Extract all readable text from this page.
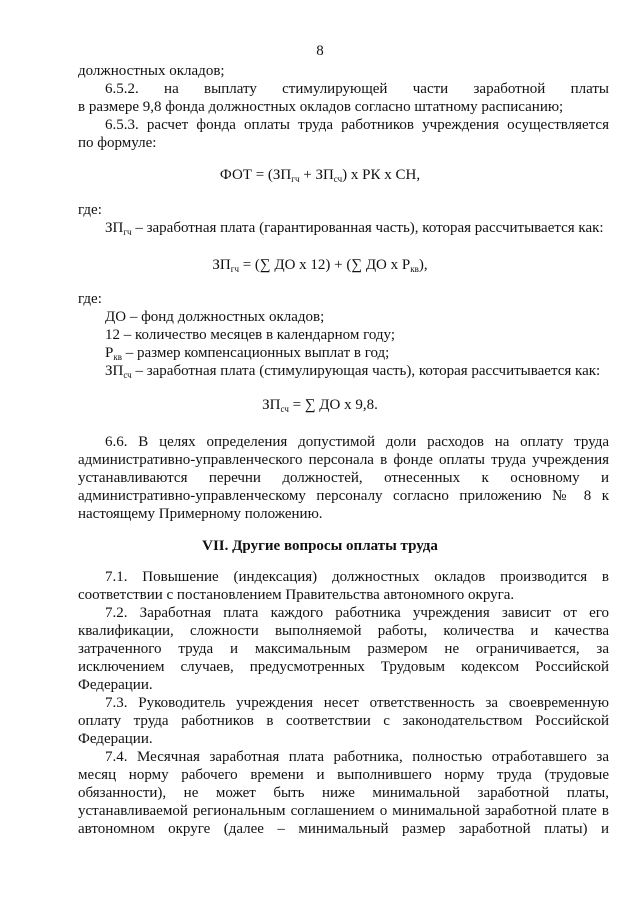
8
должностных окладов;
6.5.2. на выплату стимулирующей части заработной платы
в размере 9,8 фонда должностных окладов согласно штатному расписанию;
6.5.3. расчет фонда оплаты труда работников учреждения осуществляется
по формуле:
ФОТ = $(ЗП_{гч} + ЗП_{сч})$ х РК х СН,
где:
$ЗП_{гч}$ – заработная плата (гарантированная часть), которая рассчитывается как:
$ЗП_{гч}$ = (∑ ДО х 12) + (∑ ДО х $Р_{кв}$),
где:
ДО – фонд должностных окладов;
12 – количество месяцев в календарном году;
$Р_{кв}$ – размер компенсационных выплат в год;
$ЗП_{сч}$ – заработная плата (стимулирующая часть), которая рассчитывается как:
$ЗП_{сч}$ = ∑ ДО х 9,8.
6.6. В целях определения допустимой доли расходов на оплату труда
административно-управленческого персонала в фонде оплаты труда учреждения
устанавливаются перечни должностей, отнесенных к основному и
административно-управленческому персоналу согласно приложению № 8 к
настоящему Примерному положению.
VII. Другие вопросы оплаты труда
7.1. Повышение (индексация) должностных окладов производится в
соответствии с постановлением Правительства автономного округа.
7.2. Заработная плата каждого работника учреждения зависит от его
квалификации, сложности выполняемой работы, количества и качества
затраченного труда и максимальным размером не ограничивается, за
исключением случаев, предусмотренных Трудовым кодексом Российской
Федерации.
7.3. Руководитель учреждения несет ответственность за своевременную
оплату труда работников в соответствии с законодательством Российской
Федерации.
7.4. Месячная заработная плата работника, полностью отработавшего за
месяц норму рабочего времени и выполнившего норму труда (трудовые
обязанности), не может быть ниже минимальной заработной платы,
устанавливаемой региональным соглашением о минимальной заработной плате в
автономном округе (далее – минимальный размер заработной платы) и
